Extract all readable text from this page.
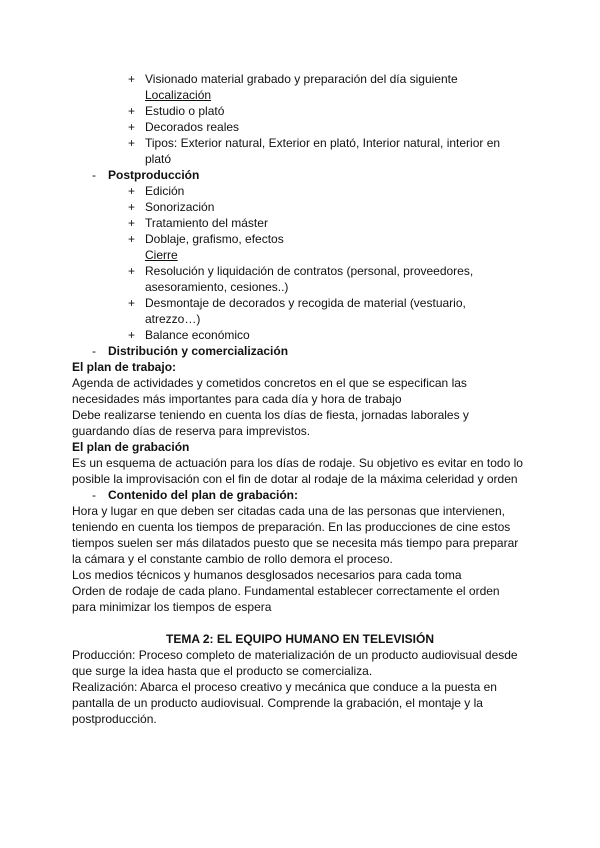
+ Visionado material grabado y preparación del día siguiente
Localización
+ Estudio o plató
+ Decorados reales
+ Tipos: Exterior natural, Exterior en plató, Interior natural, interior en
plató
- Postproducción
+ Edición
+ Sonorización
+ Tratamiento del máster
+ Doblaje, grafismo, efectos
Cierre
+ Resolución y liquidación de contratos (personal, proveedores,
asesoramiento, cesiones..)
+ Desmontaje de decorados y recogida de material (vestuario,
atrezzo…)
+ Balance económico
- Distribución y comercialización
El plan de trabajo:
Agenda de actividades y cometidos concretos en el que se especifican las
necesidades más importantes para cada día y hora de trabajo
Debe realizarse teniendo en cuenta los días de fiesta, jornadas laborales y
guardando días de reserva para imprevistos.
El plan de grabación
Es un esquema de actuación para los días de rodaje. Su objetivo es evitar en todo lo
posible la improvisación con el fin de dotar al rodaje de la máxima celeridad y orden
- Contenido del plan de grabación:
Hora y lugar en que deben ser citadas cada una de las personas que intervienen,
teniendo en cuenta los tiempos de preparación. En las producciones de cine estos
tiempos suelen ser más dilatados puesto que se necesita más tiempo para preparar
la cámara y el constante cambio de rollo demora el proceso.
Los medios técnicos y humanos desglosados necesarios para cada toma
Orden de rodaje de cada plano. Fundamental establecer correctamente el orden
para minimizar los tiempos de espera
TEMA 2: EL EQUIPO HUMANO EN TELEVISIÓN
Producción: Proceso completo de materialización de un producto audiovisual desde
que surge la idea hasta que el producto se comercializa.
Realización: Abarca el proceso creativo y mecánica que conduce a la puesta en
pantalla de un producto audiovisual. Comprende la grabación, el montaje y la
postproducción.
